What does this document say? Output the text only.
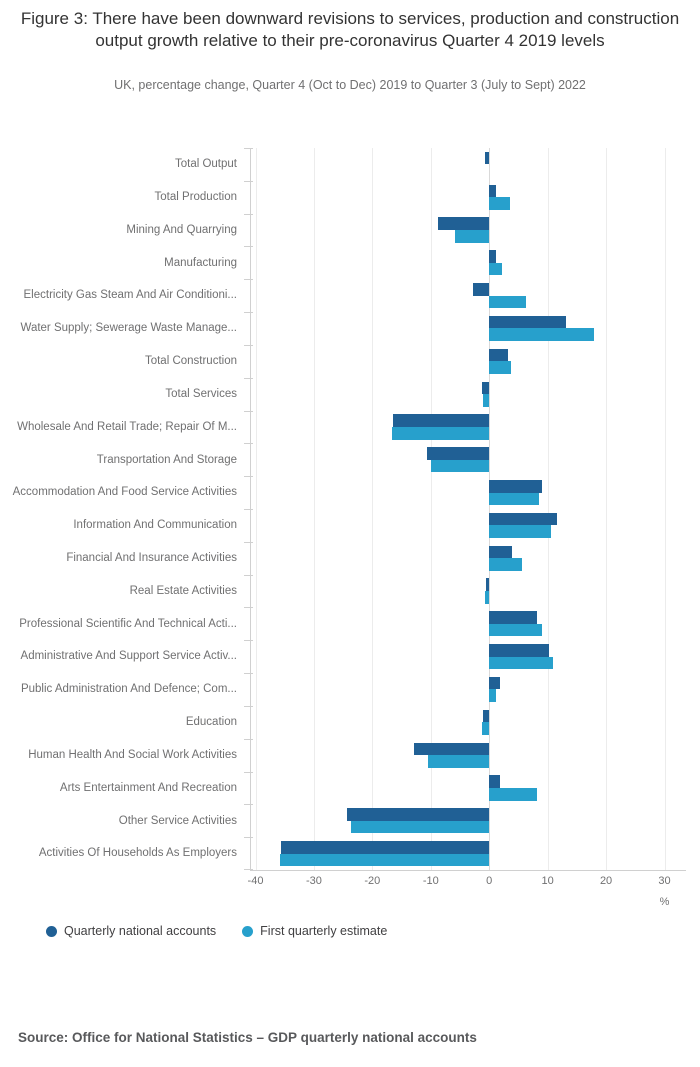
Figure 3: There have been downward revisions to services, production and construction output growth relative to their pre-coronavirus Quarter 4 2019 levels
UK, percentage change, Quarter 4 (Oct to Dec) 2019 to Quarter 3 (July to Sept) 2022
Total Output
Total Production
Mining And Quarrying
Manufacturing
Electricity Gas Steam And Air Conditioni...
Water Supply; Sewerage Waste Manage...
Total Construction
Total Services
Wholesale And Retail Trade; Repair Of M...
Transportation And Storage
Accommodation And Food Service Activities
Information And Communication
Financial And Insurance Activities
Real Estate Activities
Professional Scientific And Technical Acti...
Administrative And Support Service Activ...
Public Administration And Defence; Com...
Education
Human Health And Social Work Activities
Arts Entertainment And Recreation
Other Service Activities
Activities Of Households As Employers
%
-40	-30	-20	-10	0	10	20	30
Quarterly national accounts	First quarterly estimate
Source: Office for National Statistics – GDP quarterly national accounts
